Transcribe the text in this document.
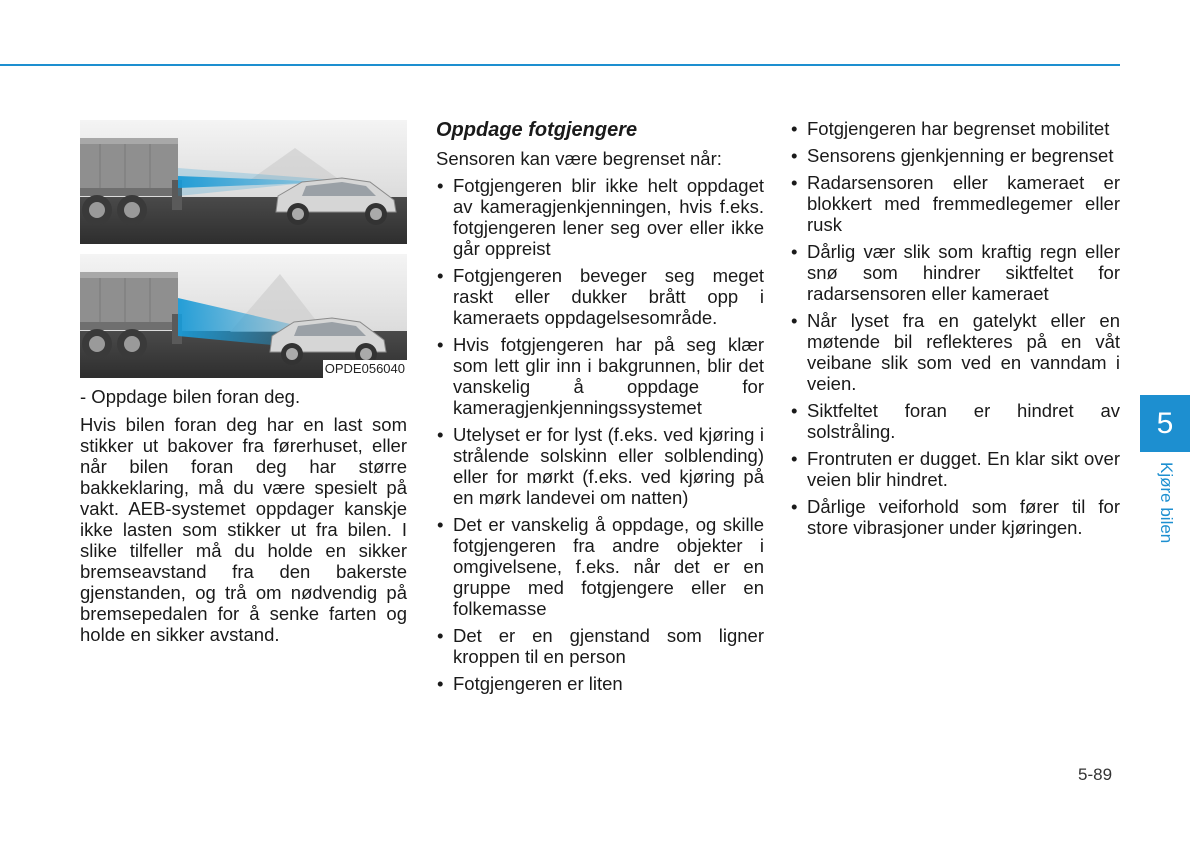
OPDE056040

- Oppdage bilen foran deg.

Hvis bilen foran deg har en last som stikker ut bakover fra førerhuset, eller når bilen foran deg har større bakkeklaring, må du være spesielt på vakt. AEB-systemet oppdager kanskje ikke lasten som stikker ut fra bilen. I slike tilfeller må du holde en sikker bremseavstand fra den bakerste gjenstanden, og trå om nødvendig på bremsepedalen for å senke farten og holde en sikker avstand.

Oppdage fotgjengere

Sensoren kan være begrenset når:

• Fotgjengeren blir ikke helt oppdaget av kameragjenkjenningen, hvis f.eks. fotgjengeren lener seg over eller ikke går oppreist
• Fotgjengeren beveger seg meget raskt eller dukker brått opp i kameraets oppdagelsesområde.
• Hvis fotgjengeren har på seg klær som lett glir inn i bakgrunnen, blir det vanskelig å oppdage for kameragjenkjenningssystemet
• Utelyset er for lyst (f.eks. ved kjøring i strålende solskinn eller solblending) eller for mørkt (f.eks. ved kjøring på en mørk landevei om natten)
• Det er vanskelig å oppdage, og skille fotgjengeren fra andre objekter i omgivelsene, f.eks. når det er en gruppe med fotgjengere eller en folkemasse
• Det er en gjenstand som ligner kroppen til en person
• Fotgjengeren er liten
• Fotgjengeren har begrenset mobilitet
• Sensorens gjenkjenning er begrenset
• Radarsensoren eller kameraet er blokkert med fremmedlegemer eller rusk
• Dårlig vær slik som kraftig regn eller snø som hindrer siktfeltet for radarsensoren eller kameraet
• Når lyset fra en gatelykt eller en møtende bil reflekteres på en våt veibane slik som ved en vanndam i veien.
• Siktfeltet foran er hindret av solstråling.
• Frontruten er dugget. En klar sikt over veien blir hindret.
• Dårlige veiforhold som fører til for store vibrasjoner under kjøringen.
5
Kjøre bilen
5-89
